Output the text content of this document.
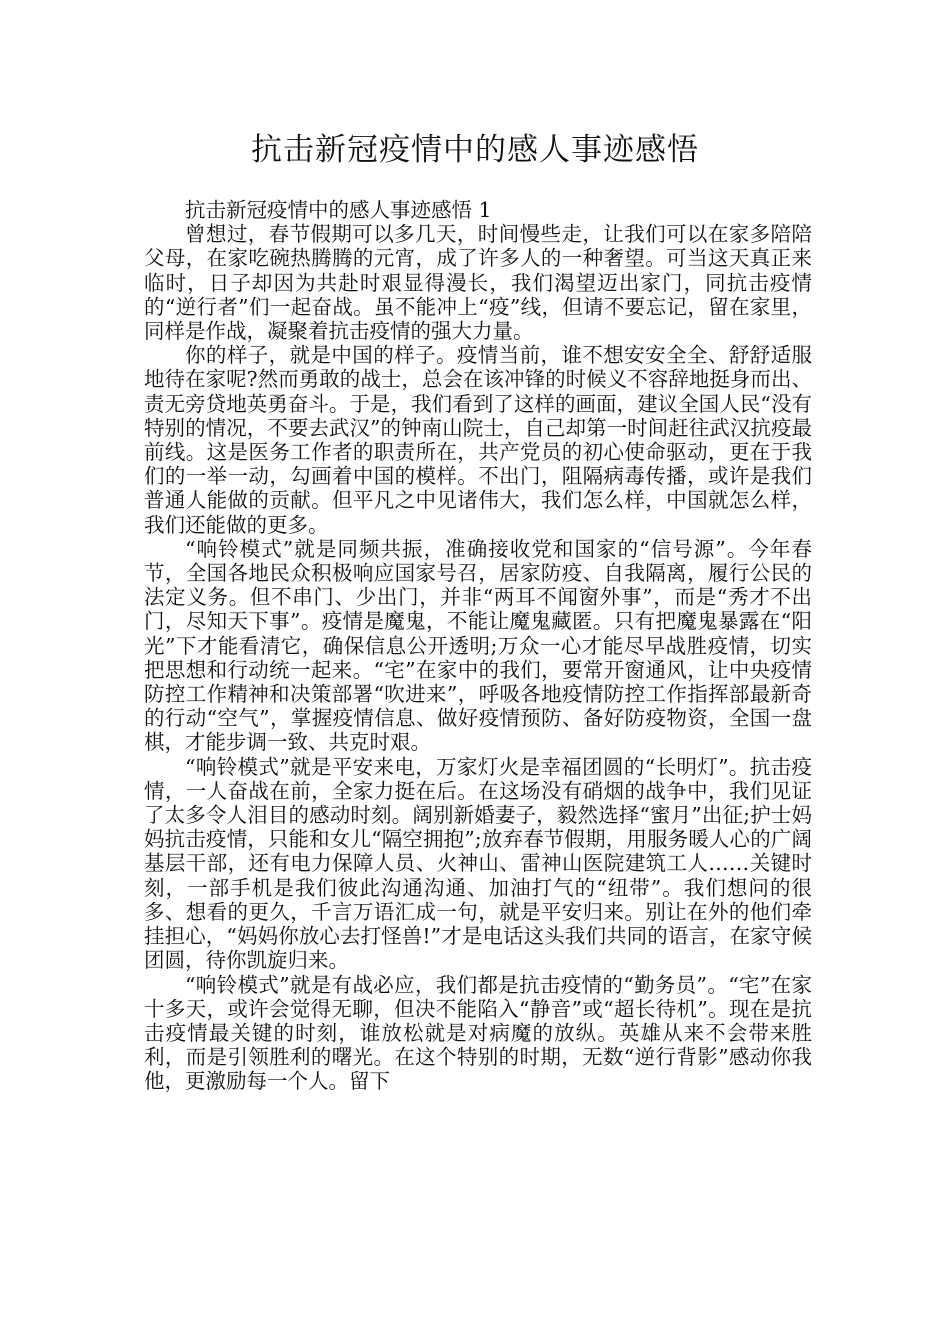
抗击新冠疫情中的感人事迹感悟

抗击新冠疫情中的感人事迹感悟 1

曾想过，春节假期可以多几天，时间慢些走，让我们可以在家多陪陪父母，在家吃碗热腾腾的元宵，成了许多人的一种奢望。可当这天真正来临时，日子却因为共赴时艰显得漫长，我们渴望迈出家门，同抗击疫情的“逆行者”们一起奋战。虽不能冲上“疫”线，但请不要忘记，留在家里，同样是作战，凝聚着抗击疫情的强大力量。

你的样子，就是中国的样子。疫情当前，谁不想安安全全、舒舒适服地待在家呢?然而勇敢的战士，总会在该冲锋的时候义不容辞地挺身而出、责无旁贷地英勇奋斗。于是，我们看到了这样的画面，建议全国人民“没有特别的情况，不要去武汉”的钟南山院士，自己却第一时间赶往武汉抗疫最前线。这是医务工作者的职责所在，共产党员的初心使命驱动，更在于我们的一举一动，勾画着中国的模样。不出门，阻隔病毒传播，或许是我们普通人能做的贡献。但平凡之中见诸伟大，我们怎么样，中国就怎么样，我们还能做的更多。

“响铃模式”就是同频共振，准确接收党和国家的“信号源”。今年春节，全国各地民众积极响应国家号召，居家防疫、自我隔离，履行公民的法定义务。但不串门、少出门，并非“两耳不闻窗外事”，而是“秀才不出门，尽知天下事”。疫情是魔鬼，不能让魔鬼藏匿。只有把魔鬼暴露在“阳光”下才能看清它，确保信息公开透明;万众一心才能尽早战胜疫情，切实把思想和行动统一起来。“宅”在家中的我们，要常开窗通风，让中央疫情防控工作精神和决策部署“吹进来”，呼吸各地疫情防控工作指挥部最新奇的行动“空气”，掌握疫情信息、做好疫情预防、备好防疫物资，全国一盘棋，才能步调一致、共克时艰。

“响铃模式”就是平安来电，万家灯火是幸福团圆的“长明灯”。抗击疫情，一人奋战在前，全家力挺在后。在这场没有硝烟的战争中，我们见证了太多令人泪目的感动时刻。阔别新婚妻子，毅然选择“蜜月”出征;护士妈妈抗击疫情，只能和女儿“隔空拥抱”;放弃春节假期，用服务暖人心的广阔基层干部，还有电力保障人员、火神山、雷神山医院建筑工人……关键时刻，一部手机是我们彼此沟通沟通、加油打气的“纽带”。我们想问的很多、想看的更久，千言万语汇成一句，就是平安归来。别让在外的他们牵挂担心，“妈妈你放心去打怪兽!”才是电话这头我们共同的语言，在家守候团圆，待你凯旋归来。

“响铃模式”就是有战必应，我们都是抗击疫情的“勤务员”。“宅”在家十多天，或许会觉得无聊，但决不能陷入“静音”或“超长待机”。现在是抗击疫情最关键的时刻，谁放松就是对病魔的放纵。英雄从来不会带来胜利，而是引领胜利的曙光。在这个特别的时期，无数“逆行背影”感动你我他，更激励每一个人。留下
